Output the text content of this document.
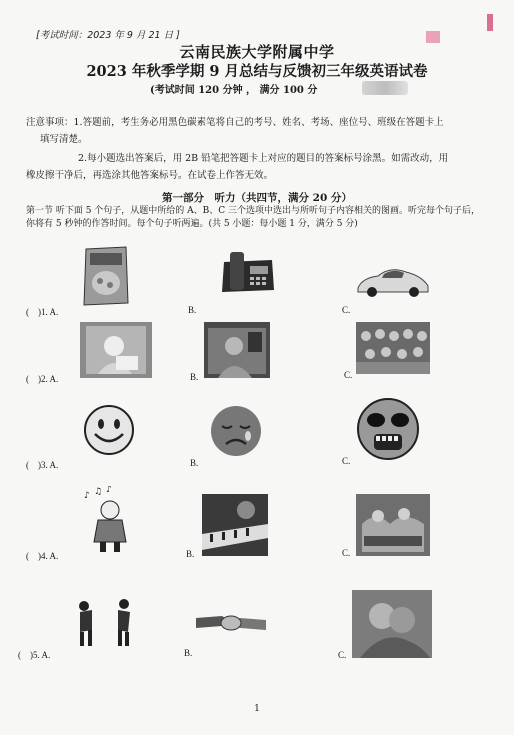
[考试时间：2023 年 9 月 21 日 ]
云南民族大学附属中学
2023 年秋季学期 9 月总结与反馈初三年级英语试卷
(考试时间 120 分钟 ， 满分 100 分
注意事项：1.答题前，考生务必用黑色碳素笔将自己的考号、姓名、考场、座位号、班级在答题卡上
填写清楚。
2.每小题选出答案后，用 2B 铅笔把答题卡上对应的题目的答案标号涂黑。如需改动，用
橡皮擦干净后，再选涂其他答案标号。在试卷上作答无效。
第一部分　听力（共四节，满分 20 分）
第一节 听下面 5 个句子，从题中所给的 A、B、C 三个选项中选出与所听句子内容相关的图画。听完每个句子后，
你将有 5 秒钟的作答时间。每个句子听两遍。(共 5 小题：每小题 1 分，满分 5 分)
(　)1. A.	B.	C.
(　)2. A.	B.	C.
(　)3. A.	B.	C.
(　)4. A.	B.	C.
♪ ♫ ♪
(　)5. A.	B.	C.
1
